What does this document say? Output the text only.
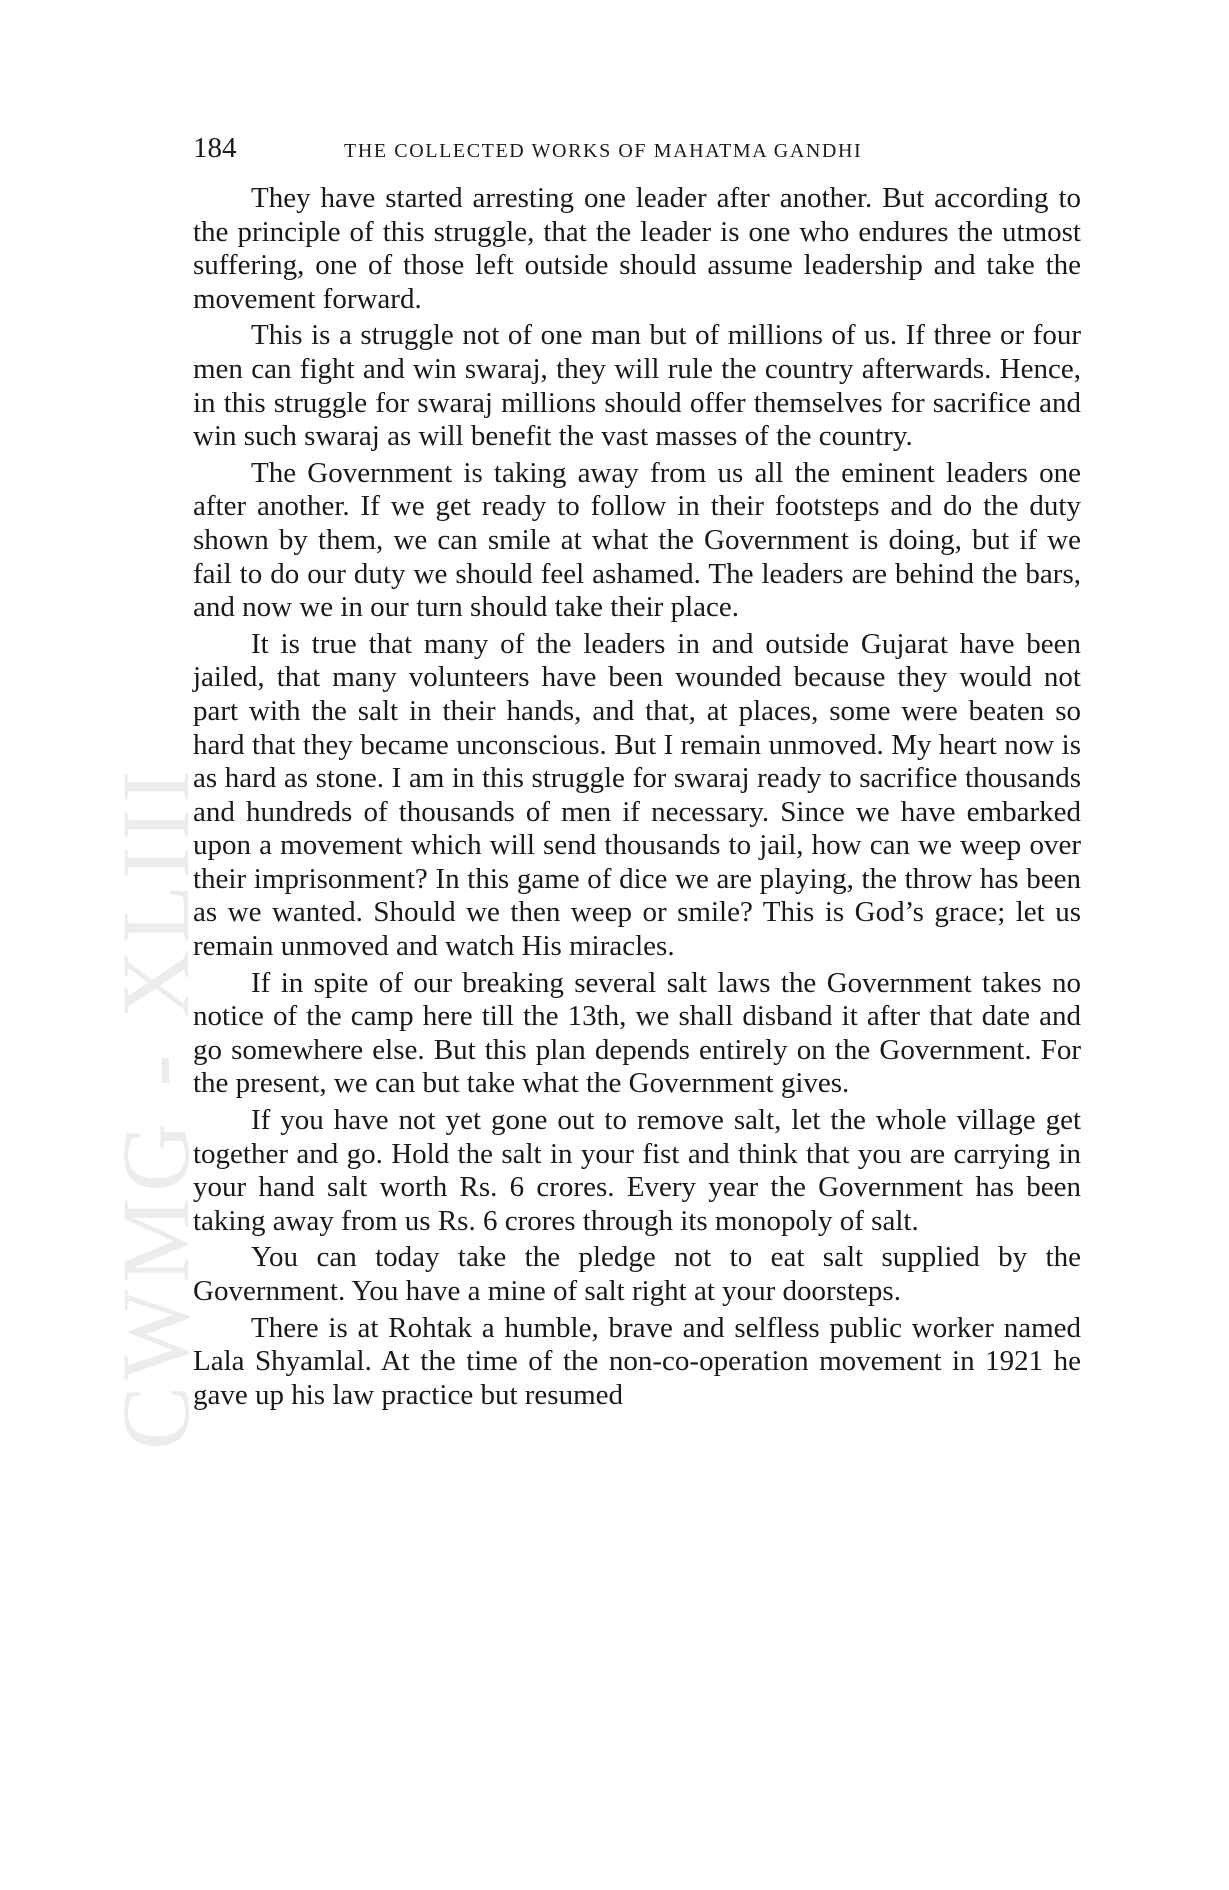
CWMG - XLIII
184	THE COLLECTED WORKS OF MAHATMA GANDHI

They have started arresting one leader after another. But according to the principle of this struggle, that the leader is one who endures the utmost suffering, one of those left outside should assume leadership and take the movement forward.

This is a struggle not of one man but of millions of us. If three or four men can fight and win swaraj, they will rule the country afterwards. Hence, in this struggle for swaraj millions should offer themselves for sacrifice and win such swaraj as will benefit the vast masses of the country.

The Government is taking away from us all the eminent leaders one after another. If we get ready to follow in their footsteps and do the duty shown by them, we can smile at what the Government is doing, but if we fail to do our duty we should feel ashamed. The leaders are behind the bars, and now we in our turn should take their place.

It is true that many of the leaders in and outside Gujarat have been jailed, that many volunteers have been wounded because they would not part with the salt in their hands, and that, at places, some were beaten so hard that they became unconscious. But I remain unmoved. My heart now is as hard as stone. I am in this struggle for swaraj ready to sacrifice thousands and hundreds of thousands of men if necessary. Since we have embarked upon a movement which will send thousands to jail, how can we weep over their imprisonment? In this game of dice we are playing, the throw has been as we wanted. Should we then weep or smile? This is God’s grace; let us remain unmoved and watch His miracles.

If in spite of our breaking several salt laws the Government takes no notice of the camp here till the 13th, we shall disband it after that date and go somewhere else. But this plan depends entirely on the Government. For the present, we can but take what the Government gives.

If you have not yet gone out to remove salt, let the whole village get together and go. Hold the salt in your fist and think that you are carrying in your hand salt worth Rs. 6 crores. Every year the Government has been taking away from us Rs. 6 crores through its monopoly of salt.

You can today take the pledge not to eat salt supplied by the Government. You have a mine of salt right at your doorsteps.

There is at Rohtak a humble, brave and selfless public worker named Lala Shyamlal. At the time of the non-co-operation movement in 1921 he gave up his law practice but resumed
